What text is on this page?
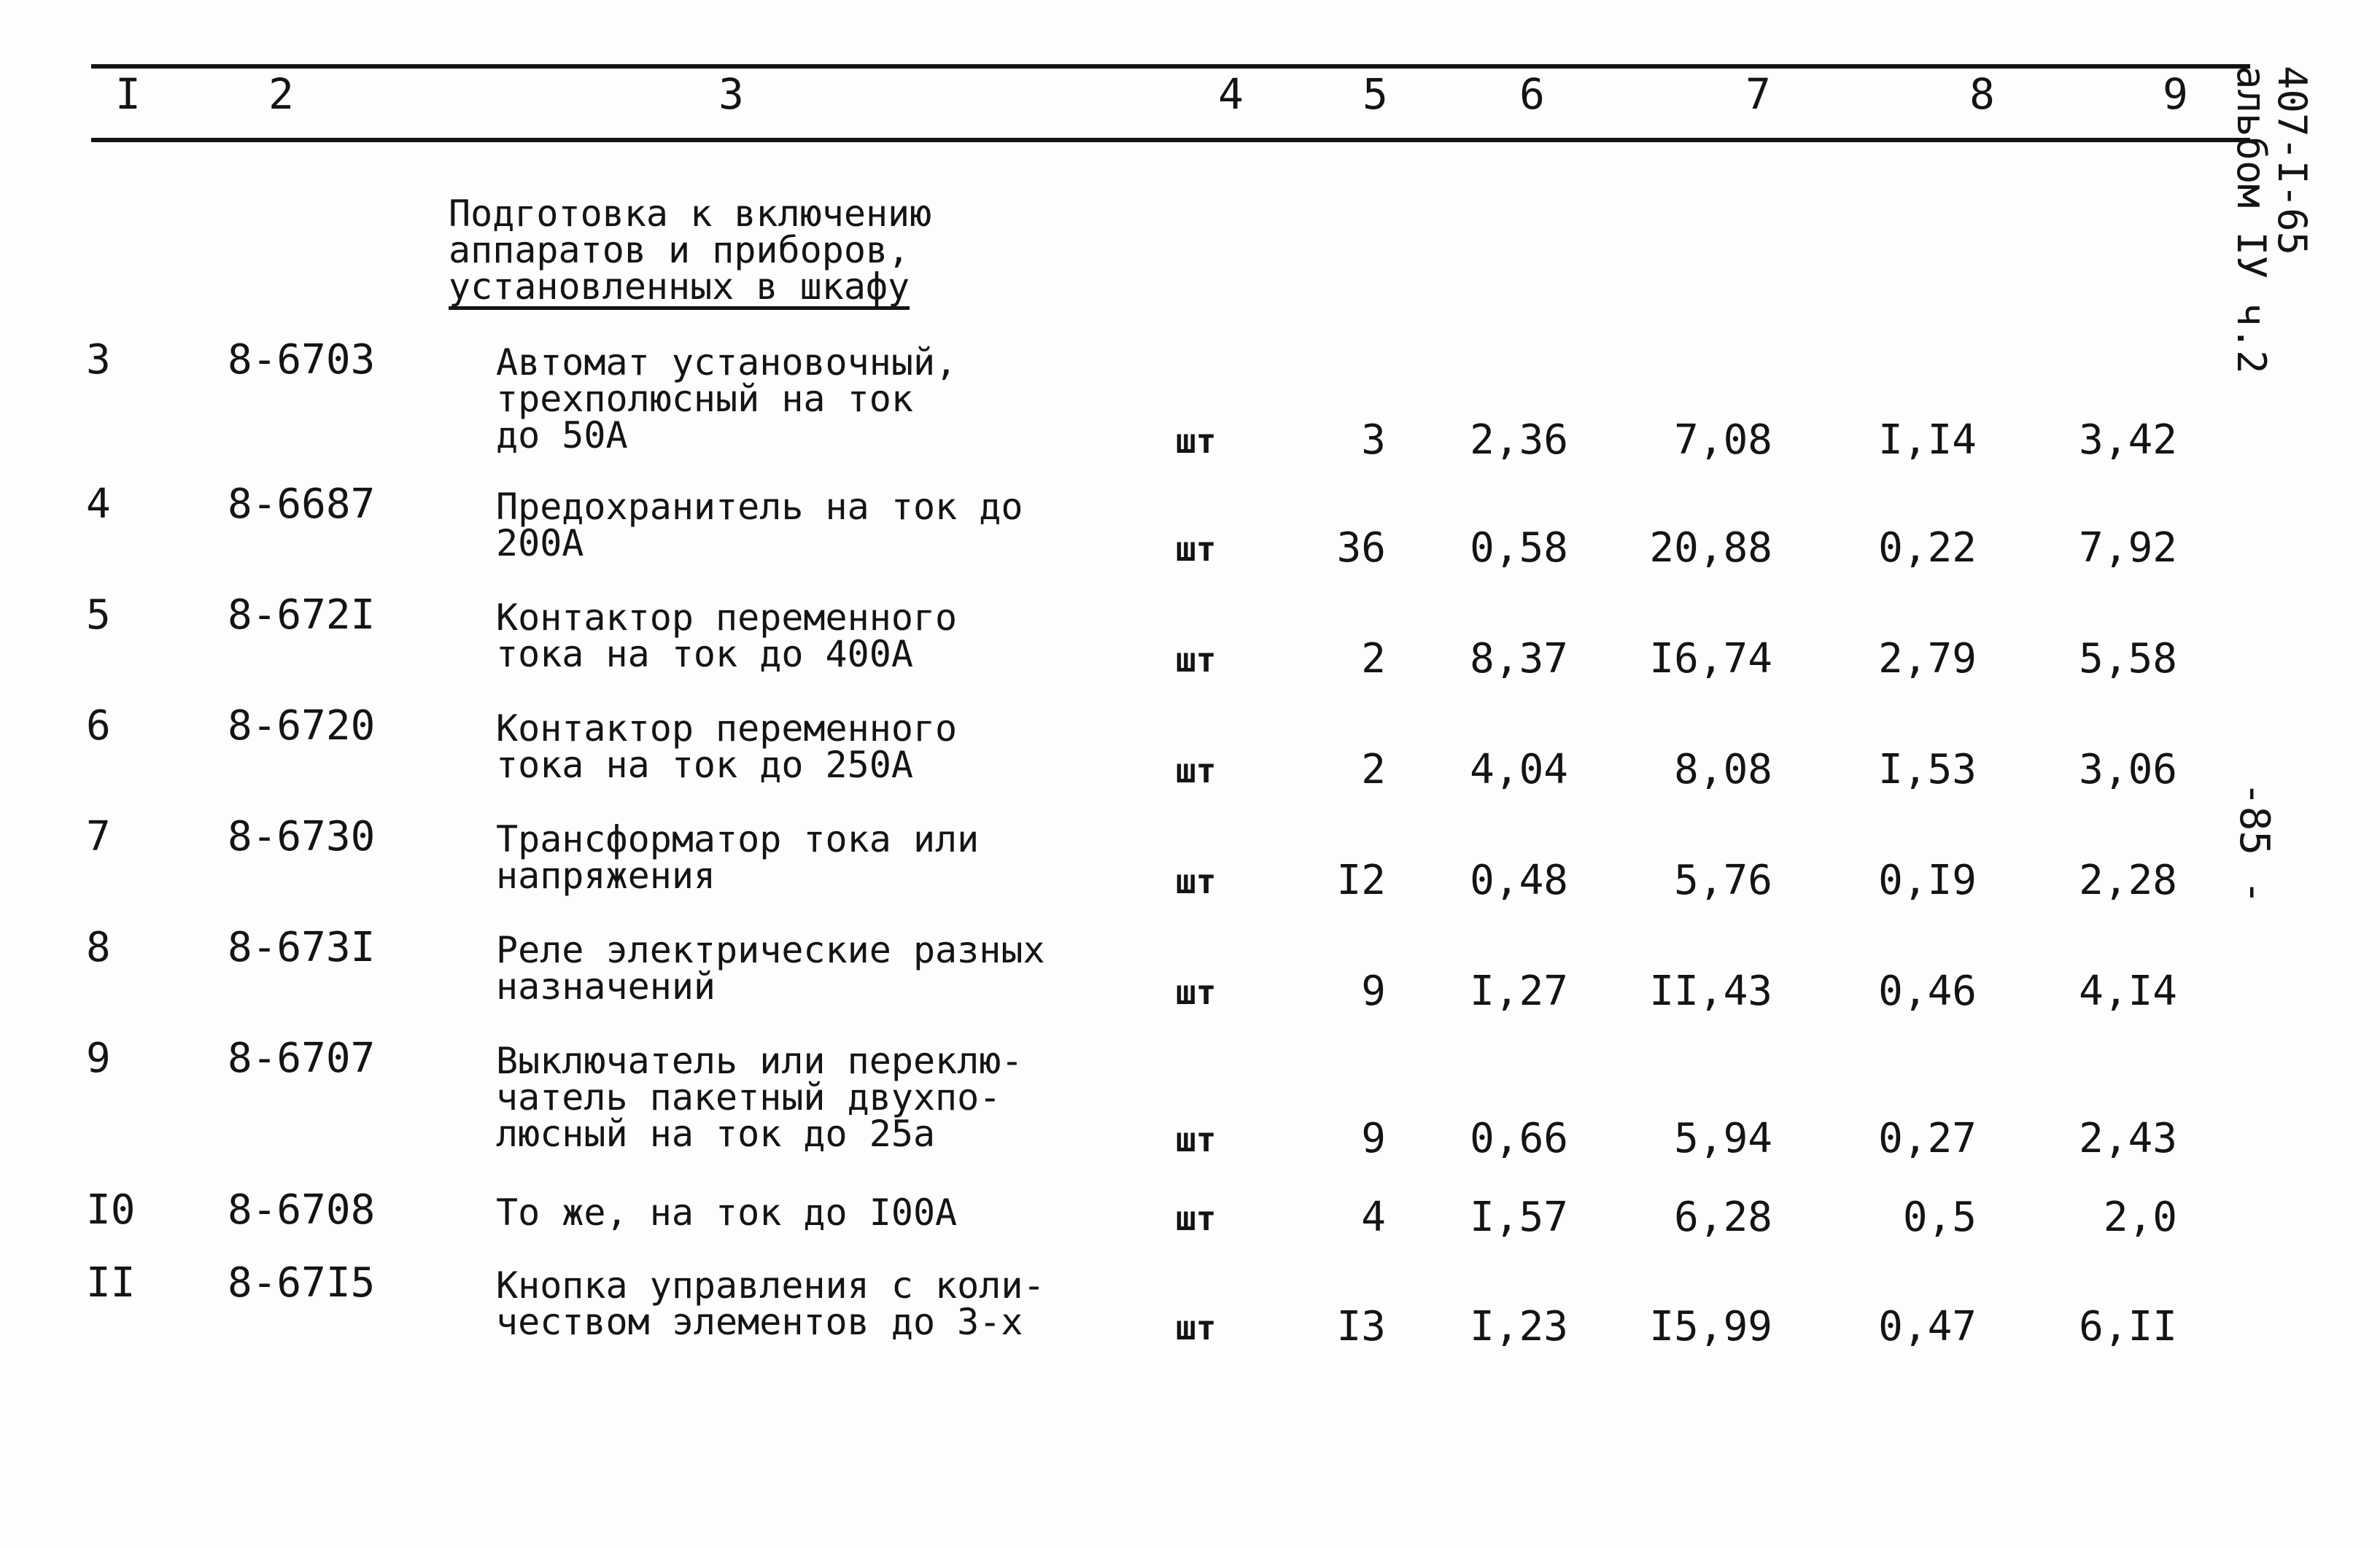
I	2	3	4	5	6	7	8	9
Подготовка к включению
аппаратов и приборов,
установленных в шкафу
3	8-6703	Автомат установочный,
трехполюсный на ток
до 50А	шт	3 2,36	7,08	I,I4	3,42
4	8-6687	Предохранитель на ток до
200А	шт	36 0,58 20,88	0,22	7,92
5	8-672I	Контактор переменного
тока на ток до 400А	шт	2 8,37 I6,74	2,79	5,58
6	8-6720	Контактор переменного
тока на ток до 250А	шт	2 4,04	8,08	I,53	3,06
7	8-6730	Трансформатор тока или
напряжения	шт	I2 0,48	5,76	0,I9	2,28
8	8-673I	Реле электрические разных
назначений	шт	9 I,27 II,43	0,46	4,I4
9	8-6707	Выключатель или переклю-
чатель пакетный двухпо-
люсный на ток до 25а	шт	9 0,66	5,94	0,27	2,43
I0 8-6708	То же, на ток до I00А	шт	4 I,57	6,28	0,5	2,0
II 8-67I5	Кнопка управления с коли-
чеством элементов до 3-х	шт	I3 I,23 I5,99	0,47	6,II
407-I-65
альбом IУ ч.2
-85 -
